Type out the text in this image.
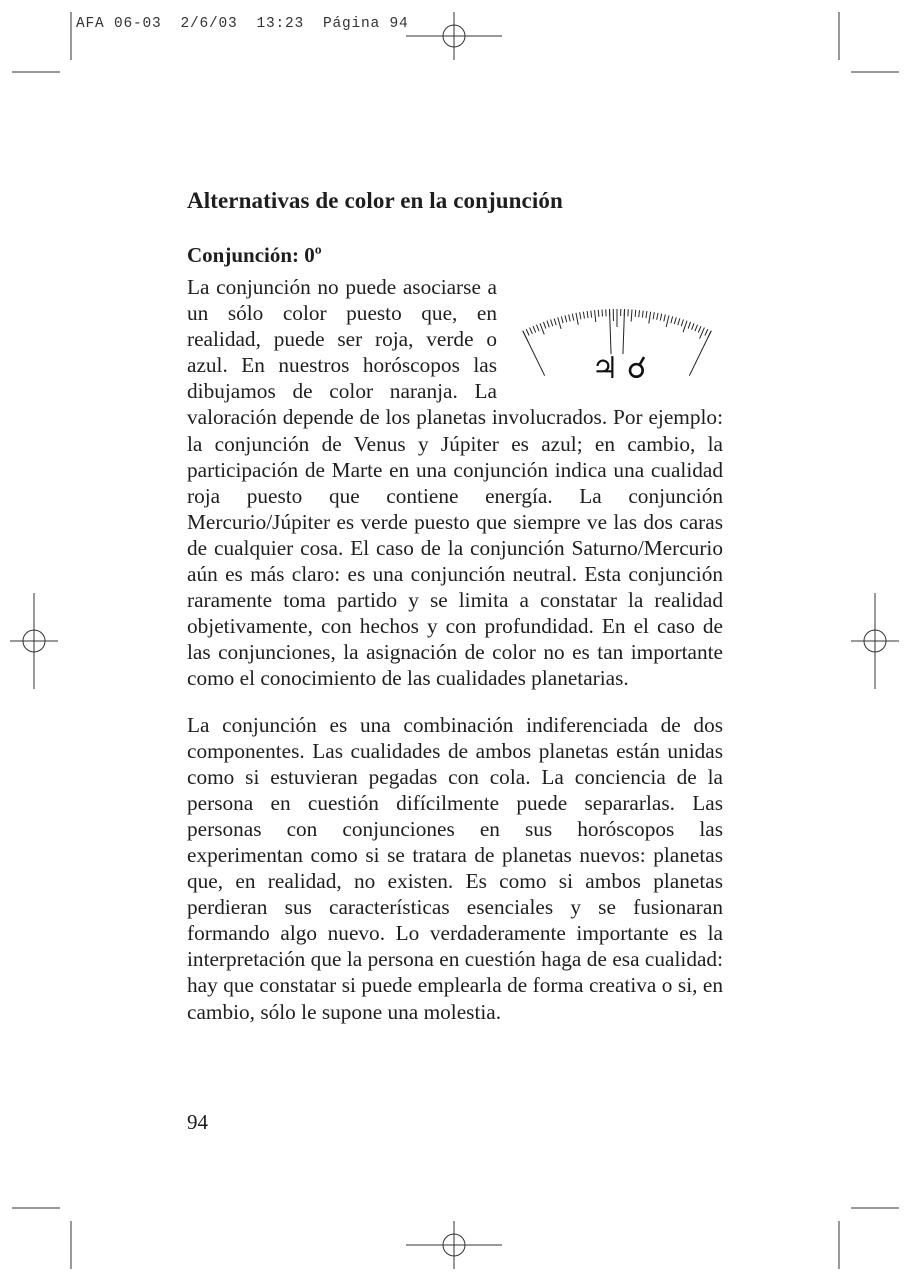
AFA 06-03  2/6/03  13:23  Página 94
Alternativas de color en la conjunción
Conjunción: 0º
♃ ☌

La conjunción no puede asociarse a un sólo color puesto que, en realidad, puede ser roja, verde o azul. En nuestros horóscopos las dibujamos de color naranja. La valoración depende de los planetas involucrados. Por ejemplo: la conjunción de Venus y Júpiter es azul; en cambio, la participación de Marte en una conjunción indica una cualidad roja puesto que contiene energía. La conjunción Mercurio/Júpiter es verde puesto que siempre ve las dos caras de cualquier cosa. El caso de la conjunción Saturno/Mercurio aún es más claro: es una conjunción neutral. Esta conjunción raramente toma partido y se limita a constatar la realidad objetivamente, con hechos y con profundidad. En el caso de las conjunciones, la asignación de color no es tan importante como el conocimiento de las cualidades planetarias.

La conjunción es una combinación indiferenciada de dos componentes. Las cualidades de ambos planetas están unidas como si estuvieran pegadas con cola. La conciencia de la persona en cuestión difícilmente puede separarlas. Las personas con conjunciones en sus horóscopos las experimentan como si se tratara de planetas nuevos: planetas que, en realidad, no existen. Es como si ambos planetas perdieran sus características esenciales y se fusionaran formando algo nuevo. Lo verdaderamente importante es la interpretación que la persona en cuestión haga de esa cualidad: hay que constatar si puede emplearla de forma creativa o si, en cambio, sólo le supone una molestia.

94
